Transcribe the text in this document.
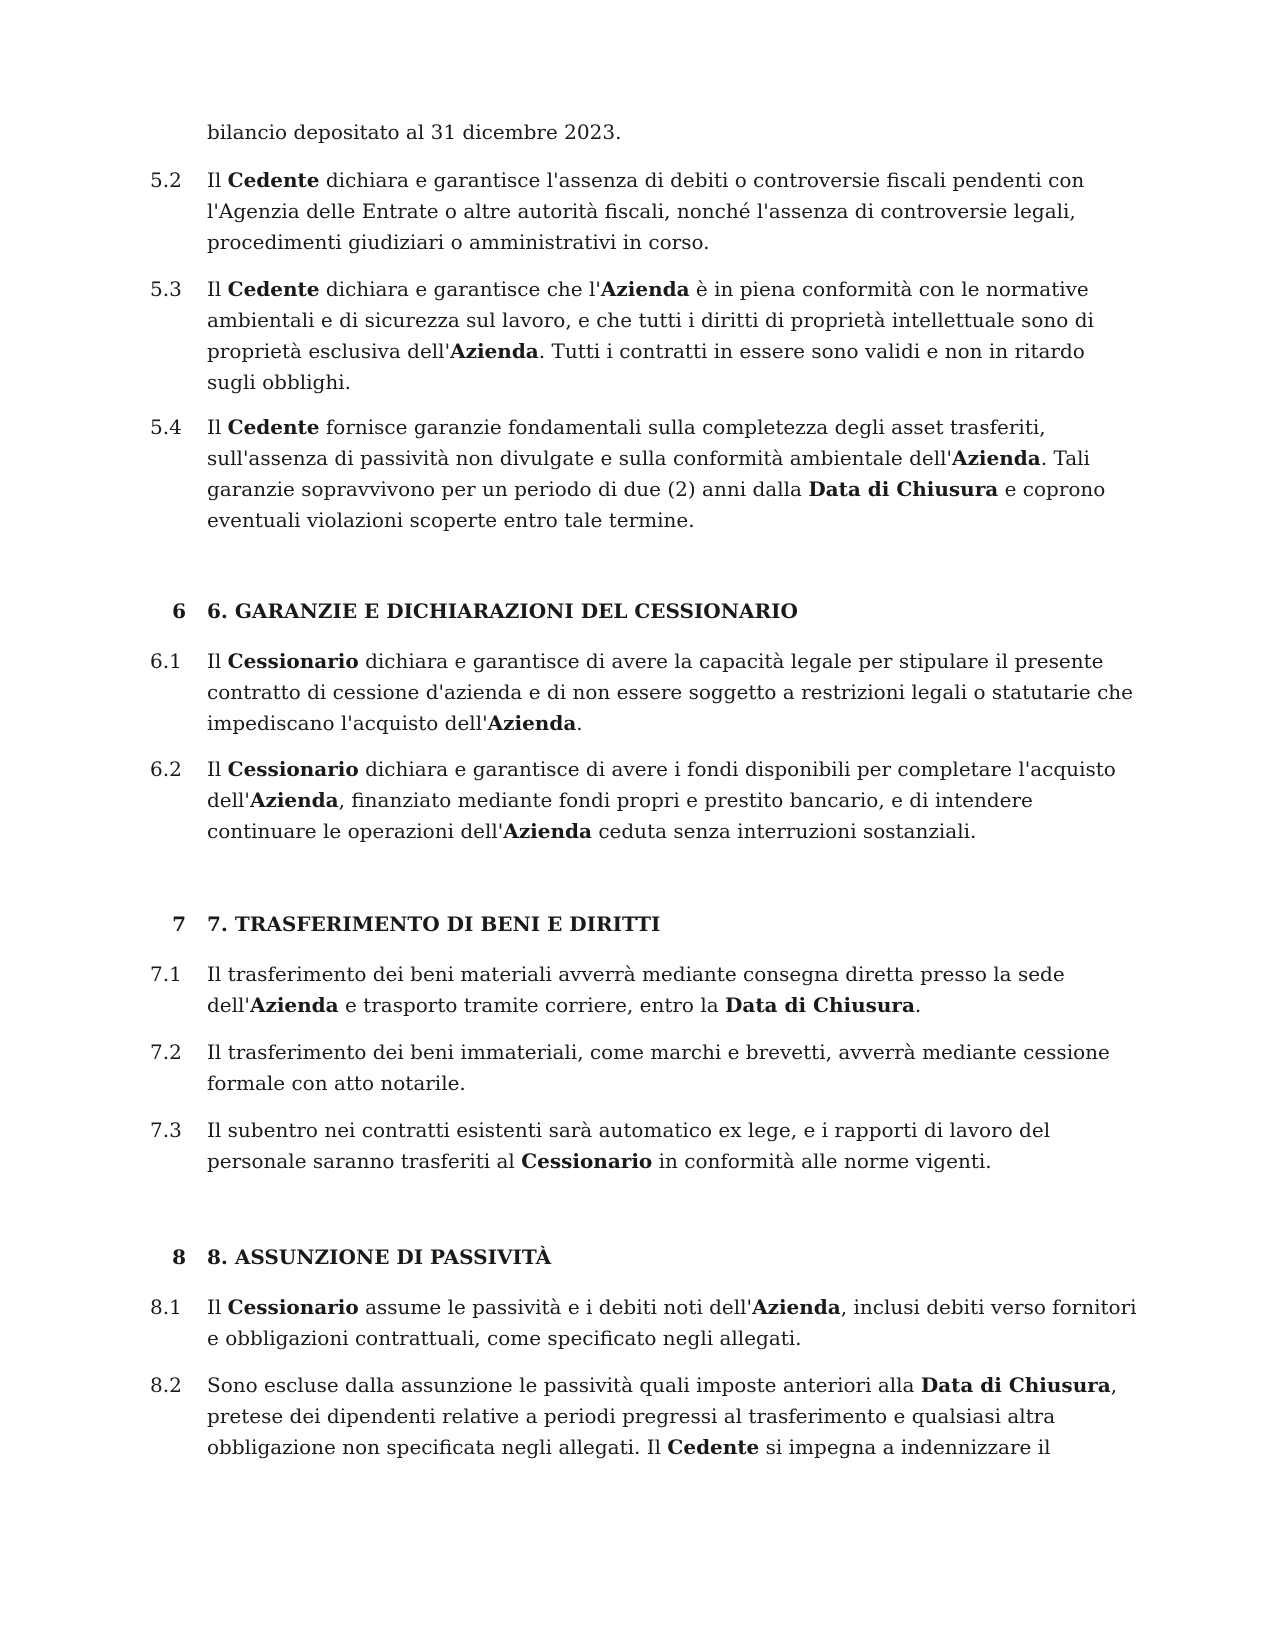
bilancio depositato al 31 dicembre 2023.
5.2	Il Cedente dichiara e garantisce l'assenza di debiti o controversie fiscali pendenti con l'Agenzia delle Entrate o altre autorità fiscali, nonché l'assenza di controversie legali, procedimenti giudiziari o amministrativi in corso.
5.3	Il Cedente dichiara e garantisce che l'Azienda è in piena conformità con le normative ambientali e di sicurezza sul lavoro, e che tutti i diritti di proprietà intellettuale sono di proprietà esclusiva dell'Azienda. Tutti i contratti in essere sono validi e non in ritardo sugli obblighi.
5.4	Il Cedente fornisce garanzie fondamentali sulla completezza degli asset trasferiti, sull'assenza di passività non divulgate e sulla conformità ambientale dell'Azienda. Tali garanzie sopravvivono per un periodo di due (2) anni dalla Data di Chiusura e coprono eventuali violazioni scoperte entro tale termine.
6 6. GARANZIE E DICHIARAZIONI DEL CESSIONARIO
6.1	Il Cessionario dichiara e garantisce di avere la capacità legale per stipulare il presente contratto di cessione d'azienda e di non essere soggetto a restrizioni legali o statutarie che impediscano l'acquisto dell'Azienda.
6.2	Il Cessionario dichiara e garantisce di avere i fondi disponibili per completare l'acquisto dell'Azienda, finanziato mediante fondi propri e prestito bancario, e di intendere continuare le operazioni dell'Azienda ceduta senza interruzioni sostanziali.
7 7. TRASFERIMENTO DI BENI E DIRITTI
7.1	Il trasferimento dei beni materiali avverrà mediante consegna diretta presso la sede dell'Azienda e trasporto tramite corriere, entro la Data di Chiusura.
7.2	Il trasferimento dei beni immateriali, come marchi e brevetti, avverrà mediante cessione formale con atto notarile.
7.3	Il subentro nei contratti esistenti sarà automatico ex lege, e i rapporti di lavoro del personale saranno trasferiti al Cessionario in conformità alle norme vigenti.
8 8. ASSUNZIONE DI PASSIVITÀ
8.1	Il Cessionario assume le passività e i debiti noti dell'Azienda, inclusi debiti verso fornitori e obbligazioni contrattuali, come specificato negli allegati.
8.2	Sono escluse dalla assunzione le passività quali imposte anteriori alla Data di Chiusura, pretese dei dipendenti relative a periodi pregressi al trasferimento e qualsiasi altra obbligazione non specificata negli allegati. Il Cedente si impegna a indennizzare il
